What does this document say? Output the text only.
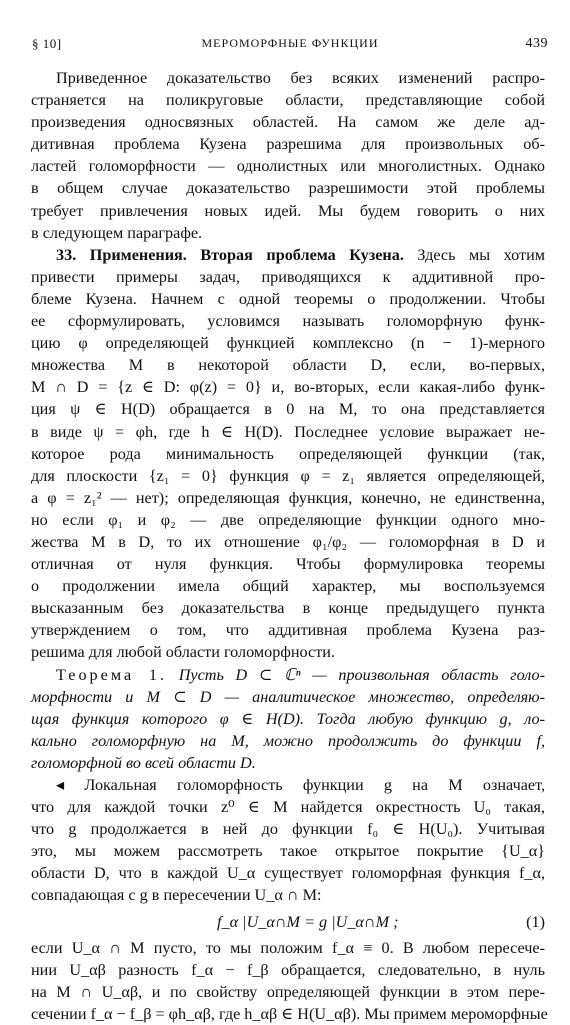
§ 10]	МЕРОМОРФНЫЕ ФУНКЦИИ	439
Приведенное доказательство без всяких изменений распро-
страняется на поликруговые области, представляющие собой
произведения односвязных областей. На самом же деле ад-
дитивная проблема Кузена разрешима для произвольных об-
ластей голоморфности — однолистных или многолистных. Однако
в общем случае доказательство разрешимости этой проблемы
требует привлечения новых идей. Мы будем говорить о них
в следующем параграфе.
33. Применения. Вторая проблема Кузена. Здесь мы хотим
привести примеры задач, приводящихся к аддитивной про-
блеме Кузена. Начнем с одной теоремы о продолжении. Чтобы
ее сформулировать, условимся называть голоморфную функ-
цию φ определяющей функцией комплексно (n − 1)-мерного
множества M в некоторой области D, если, во-первых,
M ∩ D = {z ∈ D: φ(z) = 0} и, во-вторых, если какая-либо функ-
ция ψ ∈ H(D) обращается в 0 на M, то она представляется
в виде ψ = φh, где h ∈ H(D). Последнее условие выражает не-
которое рода минимальность определяющей функции (так,
для плоскости {z₁ = 0} функция φ = z₁ является определяющей,
а φ = z₁² — нет); определяющая функция, конечно, не единственна,
но если φ₁ и φ₂ — две определяющие функции одного мно-
жества M в D, то их отношение φ₁/φ₂ — голоморфная в D и
отличная от нуля функция. Чтобы формулировка теоремы
о продолжении имела общий характер, мы воспользуемся
высказанным без доказательства в конце предыдущего пункта
утверждением о том, что аддитивная проблема Кузена раз-
решима для любой области голоморфности.
Теорема 1. Пусть D ⊂ ℂⁿ — произвольная область голо-
морфности и M ⊂ D — аналитическое множество, определяю-
щая функция которого φ ∈ H(D). Тогда любую функцию g, ло-
кально голоморфную на M, можно продолжить до функции f,
голоморфной во всей области D.
◂ Локальная голоморфность функции g на M означает,
что для каждой точки z⁰ ∈ M найдется окрестность U₀ такая,
что g продолжается в ней до функции f₀ ∈ H(U₀). Учитывая
это, мы можем рассмотреть такое открытое покрытие {U_α}
области D, что в каждой U_α существует голоморфная функция f_α,
совпадающая с g в пересечении U_α ∩ M:
f_α |U_α∩M = g |U_α∩M ;	(1)
если U_α ∩ M пусто, то мы положим f_α ≡ 0. В любом пересече-
нии U_αβ разность f_α − f_β обращается, следовательно, в нуль
на M ∩ U_αβ, и по свойству определяющей функции в этом пере-
сечении f_α − f_β = φh_αβ, где h_αβ ∈ H(U_αβ). Мы примем мероморфные
